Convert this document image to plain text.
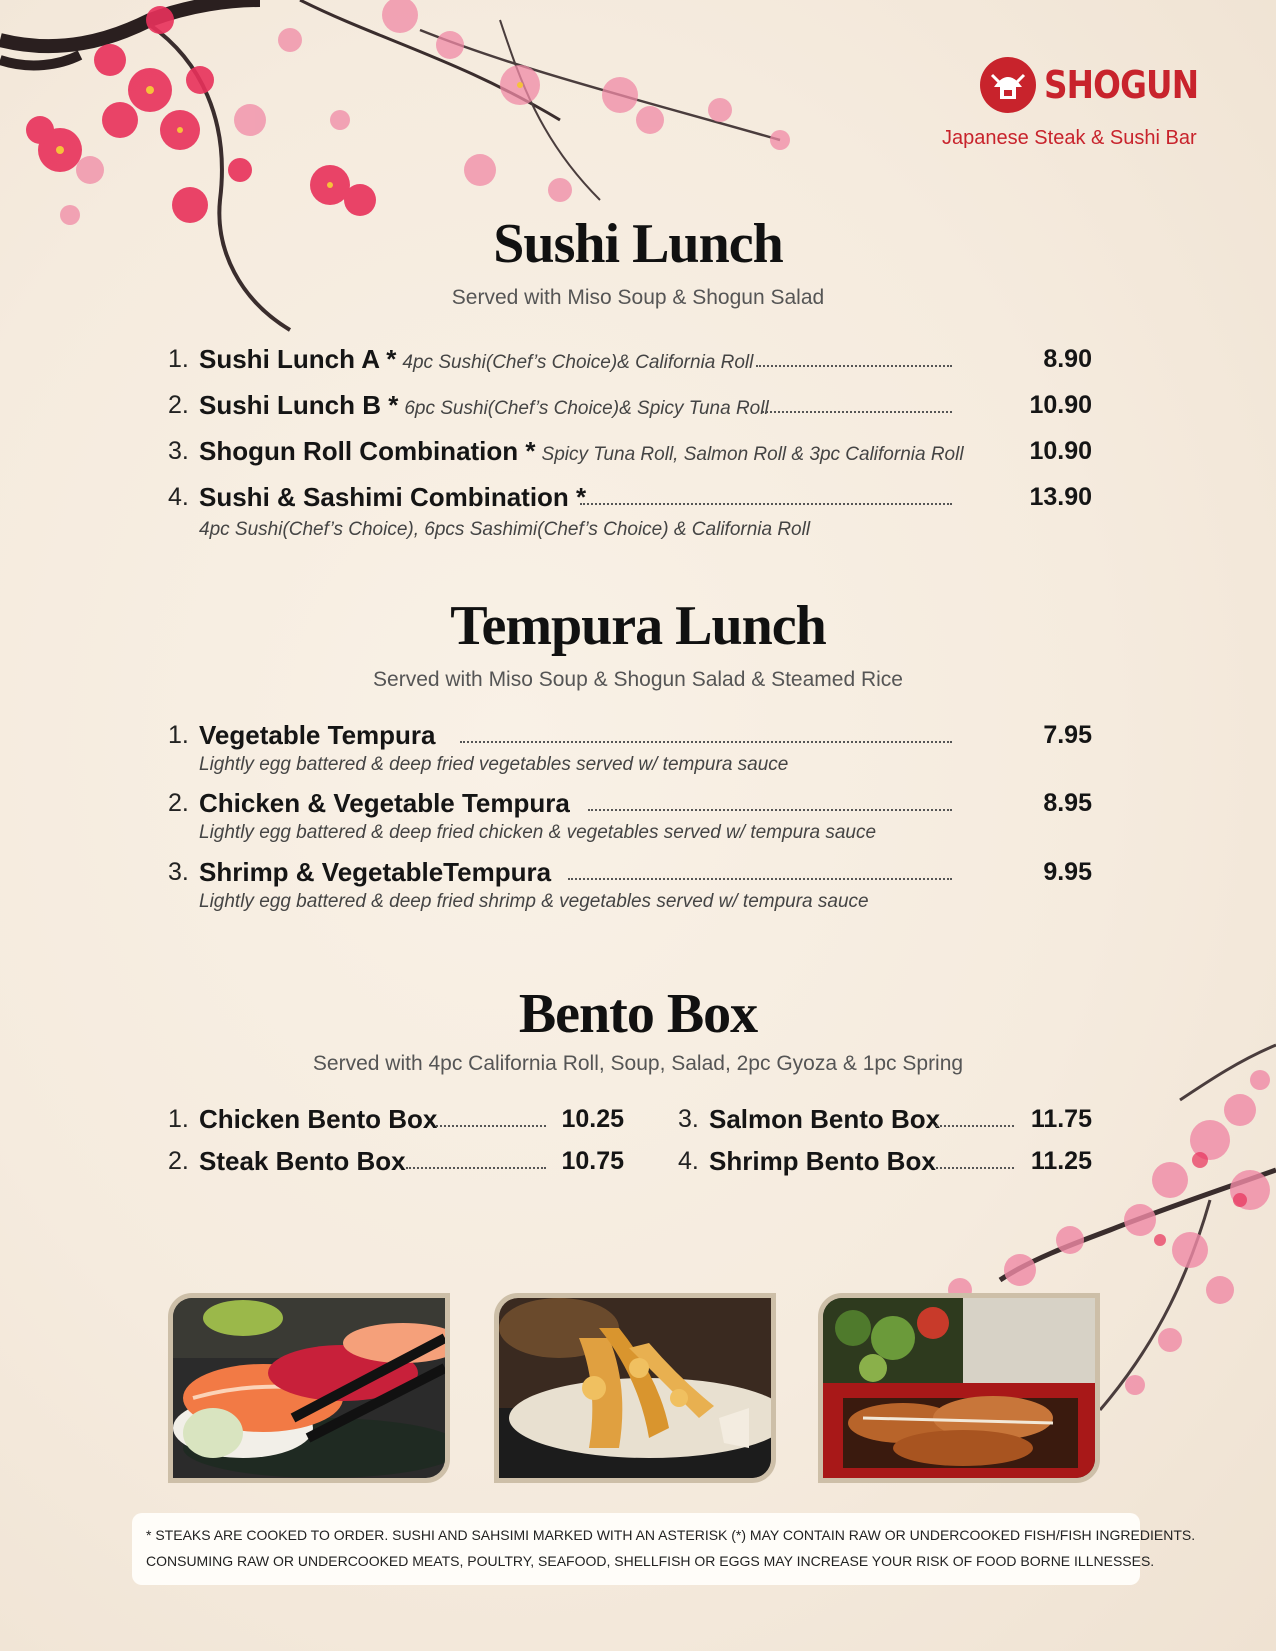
SHOGUN
Japanese Steak & Sushi Bar
Sushi Lunch
Served with Miso Soup & Shogun Salad
1. Sushi Lunch A * 4pc Sushi(Chef’s Choice)& California Roll	8.90
2. Sushi Lunch B * 6pc Sushi(Chef’s Choice)& Spicy Tuna Roll	10.90
3. Shogun Roll Combination * Spicy Tuna Roll, Salmon Roll & 3pc California Roll	10.90
4. Sushi & Sashimi Combination *	13.90
4pc Sushi(Chef’s Choice), 6pcs Sashimi(Chef’s Choice) & California Roll
Tempura Lunch
Served with Miso Soup & Shogun Salad & Steamed Rice
1. Vegetable Tempura	7.95
Lightly egg battered & deep fried vegetables served w/ tempura sauce
2. Chicken & Vegetable Tempura	8.95
Lightly egg battered & deep fried chicken & vegetables served w/ tempura sauce
3. Shrimp & VegetableTempura	9.95
Lightly egg battered & deep fried shrimp & vegetables served w/ tempura sauce
Bento Box
Served with 4pc California Roll, Soup, Salad, 2pc Gyoza & 1pc Spring
1. Chicken Bento Box	10.25
2. Steak Bento Box	10.75
3. Salmon Bento Box	11.75
4. Shrimp Bento Box	11.25

* STEAKS ARE COOKED TO ORDER. SUSHI AND SAHSIMI MARKED WITH AN ASTERISK (*) MAY CONTAIN RAW OR UNDERCOOKED FISH/FISH INGREDIENTS.

CONSUMING RAW OR UNDERCOOKED MEATS, POULTRY, SEAFOOD, SHELLFISH OR EGGS MAY INCREASE YOUR RISK OF FOOD BORNE ILLNESSES.
